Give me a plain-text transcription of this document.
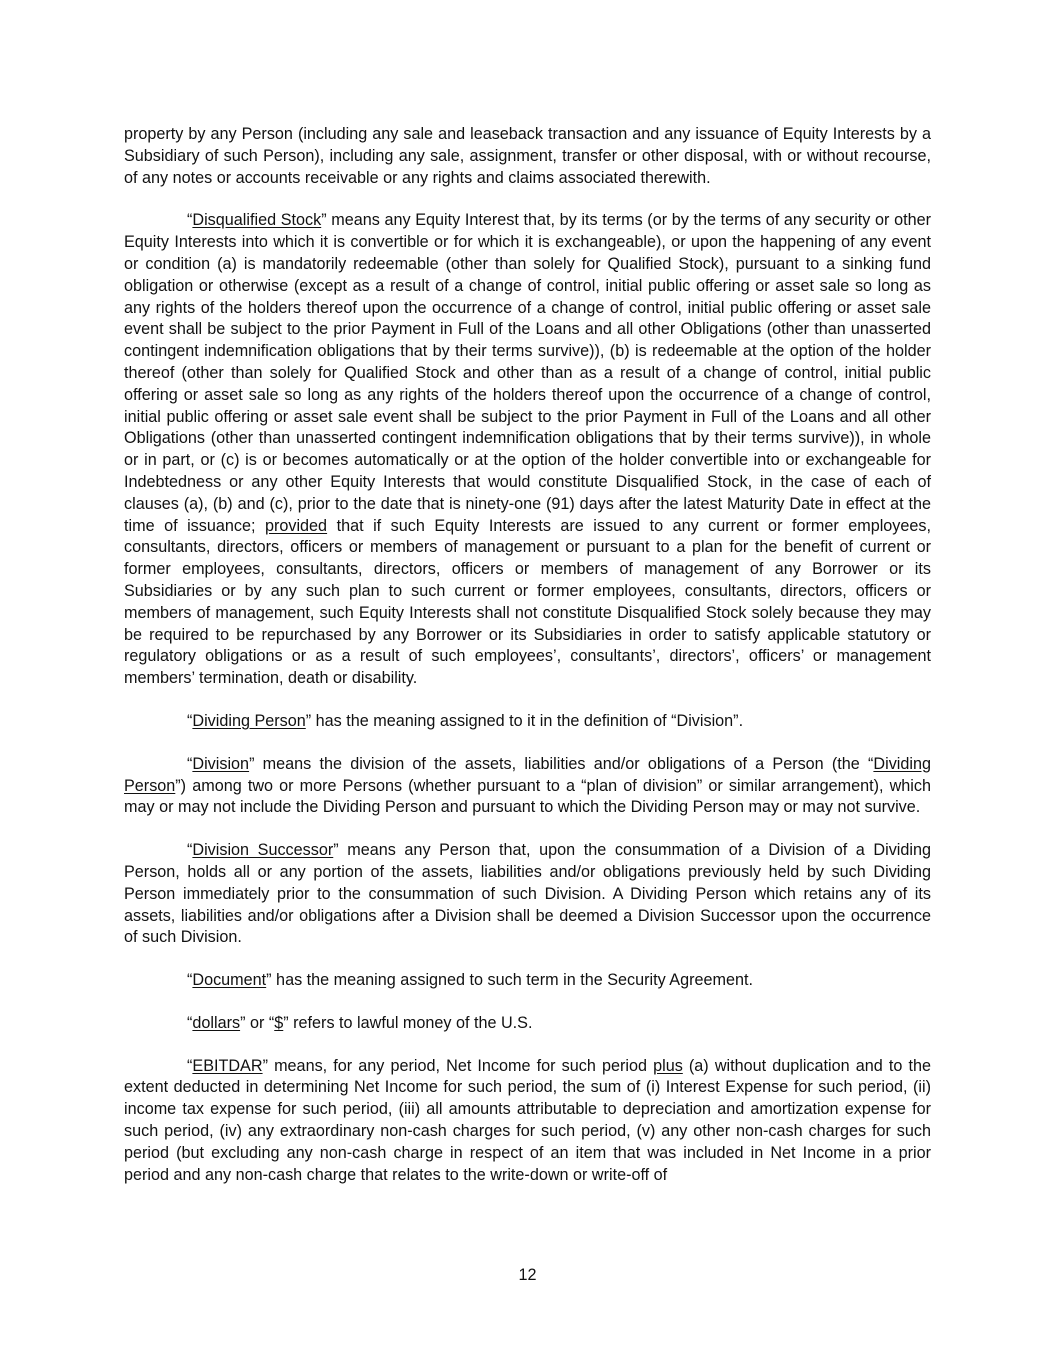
property by any Person (including any sale and leaseback transaction and any issuance of Equity Interests by a Subsidiary of such Person), including any sale, assignment, transfer or other disposal, with or without recourse, of any notes or accounts receivable or any rights and claims associated therewith.

“Disqualified Stock” means any Equity Interest that, by its terms (or by the terms of any security or other Equity Interests into which it is convertible or for which it is exchangeable), or upon the happening of any event or condition (a) is mandatorily redeemable (other than solely for Qualified Stock), pursuant to a sinking fund obligation or otherwise (except as a result of a change of control, initial public offering or asset sale so long as any rights of the holders thereof upon the occurrence of a change of control, initial public offering or asset sale event shall be subject to the prior Payment in Full of the Loans and all other Obligations (other than unasserted contingent indemnification obligations that by their terms survive)), (b) is redeemable at the option of the holder thereof (other than solely for Qualified Stock and other than as a result of a change of control, initial public offering or asset sale so long as any rights of the holders thereof upon the occurrence of a change of control, initial public offering or asset sale event shall be subject to the prior Payment in Full of the Loans and all other Obligations (other than unasserted contingent indemnification obligations that by their terms survive)), in whole or in part, or (c) is or becomes automatically or at the option of the holder convertible into or exchangeable for Indebtedness or any other Equity Interests that would constitute Disqualified Stock, in the case of each of clauses (a), (b) and (c), prior to the date that is ninety-one (91) days after the latest Maturity Date in effect at the time of issuance; provided that if such Equity Interests are issued to any current or former employees, consultants, directors, officers or members of management or pursuant to a plan for the benefit of current or former employees, consultants, directors, officers or members of management of any Borrower or its Subsidiaries or by any such plan to such current or former employees, consultants, directors, officers or members of management, such Equity Interests shall not constitute Disqualified Stock solely because they may be required to be repurchased by any Borrower or its Subsidiaries in order to satisfy applicable statutory or regulatory obligations or as a result of such employees’, consultants’, directors’, officers’ or management members’ termination, death or disability.

“Dividing Person” has the meaning assigned to it in the definition of “Division”.

“Division” means the division of the assets, liabilities and/or obligations of a Person (the “Dividing Person”) among two or more Persons (whether pursuant to a “plan of division” or similar arrangement), which may or may not include the Dividing Person and pursuant to which the Dividing Person may or may not survive.

“Division Successor” means any Person that, upon the consummation of a Division of a Dividing Person, holds all or any portion of the assets, liabilities and/or obligations previously held by such Dividing Person immediately prior to the consummation of such Division. A Dividing Person which retains any of its assets, liabilities and/or obligations after a Division shall be deemed a Division Successor upon the occurrence of such Division.

“Document” has the meaning assigned to such term in the Security Agreement.

“dollars” or “$” refers to lawful money of the U.S.

“EBITDAR” means, for any period, Net Income for such period plus (a) without duplication and to the extent deducted in determining Net Income for such period, the sum of (i) Interest Expense for such period, (ii) income tax expense for such period, (iii) all amounts attributable to depreciation and amortization expense for such period, (iv) any extraordinary non-cash charges for such period, (v) any other non-cash charges for such period (but excluding any non-cash charge in respect of an item that was included in Net Income in a prior period and any non-cash charge that relates to the write-down or write-off of

12
